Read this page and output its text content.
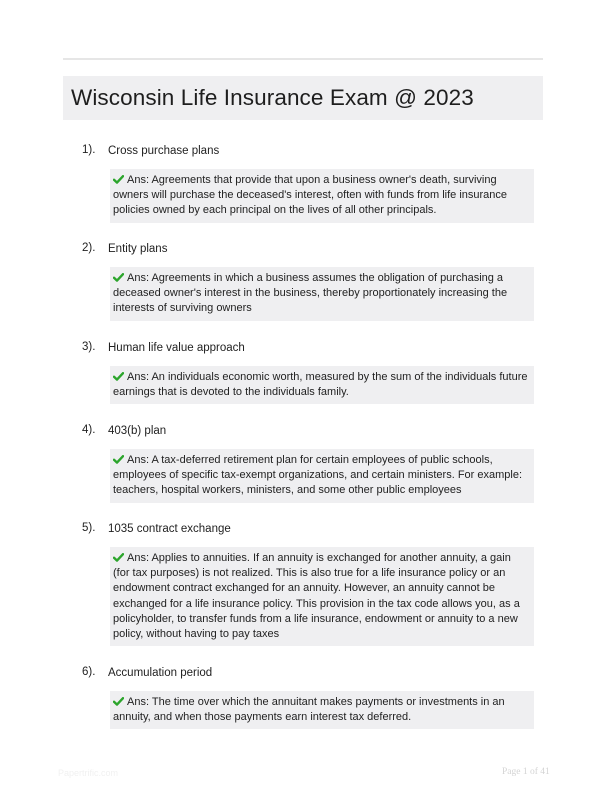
Wisconsin Life Insurance Exam @ 2023
1). Cross purchase plans
Ans: Agreements that provide that upon a business owner's death, surviving owners will purchase the deceased's interest, often with funds from life insurance policies owned by each principal on the lives of all other principals.
2). Entity plans
Ans: Agreements in which a business assumes the obligation of purchasing a deceased owner's interest in the business, thereby proportionately increasing the interests of surviving owners
3). Human life value approach
Ans: An individuals economic worth, measured by the sum of the individuals future earnings that is devoted to the individuals family.
4). 403(b) plan
Ans: A tax-deferred retirement plan for certain employees of public schools, employees of specific tax-exempt organizations, and certain ministers. For example: teachers, hospital workers, ministers, and some other public employees
5). 1035 contract exchange
Ans: Applies to annuities. If an annuity is exchanged for another annuity, a gain (for tax purposes) is not realized. This is also true for a life insurance policy or an endowment contract exchanged for an annuity. However, an annuity cannot be exchanged for a life insurance policy. This provision in the tax code allows you, as a policyholder, to transfer funds from a life insurance, endowment or annuity to a new policy, without having to pay taxes
6). Accumulation period
Ans: The time over which the annuitant makes payments or investments in an annuity, and when those payments earn interest tax deferred.
Papertrific.com	Page 1 of 41
